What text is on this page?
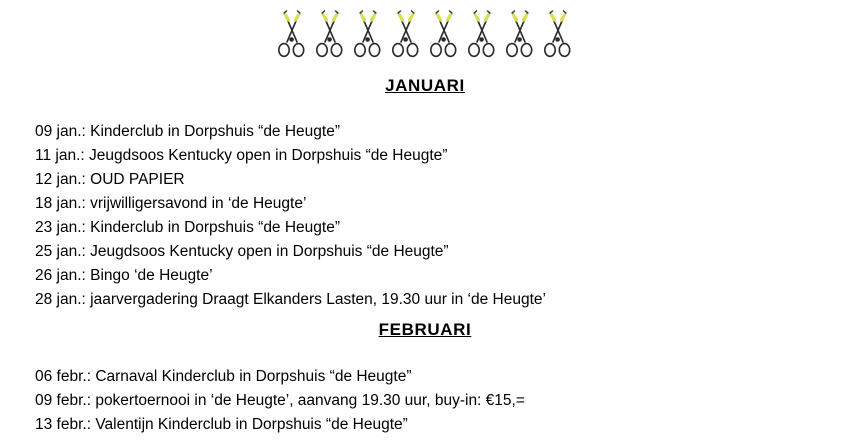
JANUARI
09 jan.: Kinderclub in Dorpshuis “de Heugte”
11 jan.: Jeugdsoos Kentucky open in Dorpshuis “de Heugte”
12 jan.: OUD PAPIER
18 jan.: vrijwilligersavond in ‘de Heugte’
23 jan.: Kinderclub in Dorpshuis “de Heugte”
25 jan.: Jeugdsoos Kentucky open in Dorpshuis “de Heugte”
26 jan.: Bingo ‘de Heugte’
28 jan.: jaarvergadering Draagt Elkanders Lasten, 19.30 uur in ‘de Heugte’
FEBRUARI
06 febr.: Carnaval Kinderclub in Dorpshuis “de Heugte”
09 febr.: pokertoernooi in ‘de Heugte’, aanvang 19.30 uur, buy-in: €15,=
13 febr.: Valentijn Kinderclub in Dorpshuis “de Heugte”
